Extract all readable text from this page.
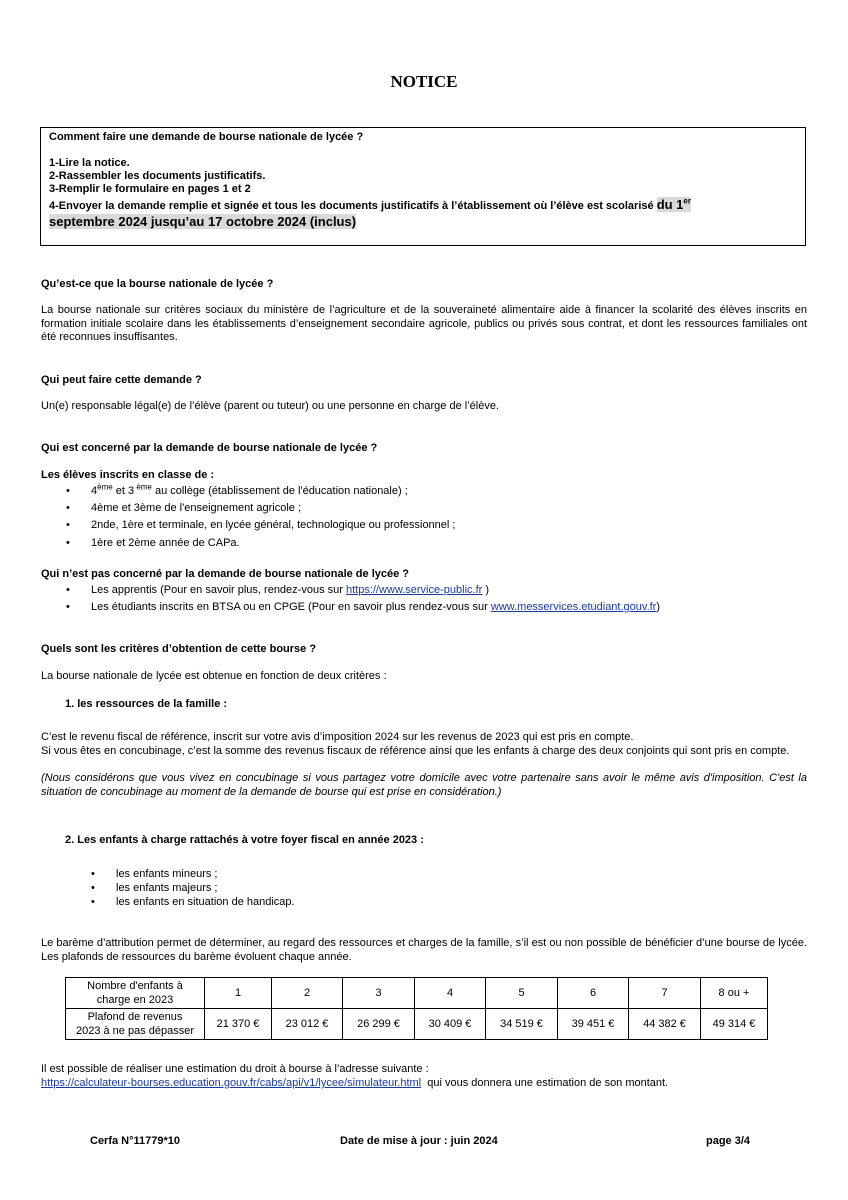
NOTICE
Comment faire une demande de bourse nationale de lycée ?
1-Lire la notice.
2-Rassembler les documents justificatifs.
3-Remplir le formulaire en pages 1 et 2
4-Envoyer la demande remplie et signée et tous les documents justificatifs à l’établissement où l’élève est scolarisé du 1er
septembre 2024 jusqu’au 17 octobre 2024 (inclus)
Qu’est-ce que la bourse nationale de lycée ?
La bourse nationale sur critères sociaux du ministère de l’agriculture et de la souveraineté alimentaire aide à financer la scolarité des élèves inscrits en formation initiale scolaire dans les établissements d’enseignement secondaire agricole, publics ou privés sous contrat, et dont les ressources familiales ont été reconnues insuffisantes.
Qui peut faire cette demande ?
Un(e) responsable légal(e) de l’élève (parent ou tuteur) ou une personne en charge de l’élève.
Qui est concerné par la demande de bourse nationale de lycée ?
Les élèves inscrits en classe de :
• 4ème et 3 $^{ème}$ au collège (établissement de l'éducation nationale) ;
• 4ème et 3ème de l'enseignement agricole ;
• 2nde, 1ère et terminale, en lycée général, technologique ou professionnel ;
• 1ère et 2ème année de CAPa.
Qui n’est pas concerné par la demande de bourse nationale de lycée ?
• Les apprentis (Pour en savoir plus, rendez-vous sur https://www.service-public.fr )
• Les étudiants inscrits en BTSA ou en CPGE (Pour en savoir plus rendez-vous sur www.messervices.etudiant.gouv.fr)
Quels sont les critères d’obtention de cette bourse ?
La bourse nationale de lycée est obtenue en fonction de deux critères :
1. les ressources de la famille :
C’est le revenu fiscal de référence, inscrit sur votre avis d’imposition 2024 sur les revenus de 2023 qui est pris en compte.
Si vous êtes en concubinage, c’est la somme des revenus fiscaux de référence ainsi que les enfants à charge des deux conjoints qui sont pris en compte.
(Nous considérons que vous vivez en concubinage si vous partagez votre domicile avec votre partenaire sans avoir le même avis d'imposition. C'est la situation de concubinage au moment de la demande de bourse qui est prise en considération.)
2. Les enfants à charge rattachés à votre foyer fiscal en année 2023 :
• les enfants mineurs ;
• les enfants majeurs ;
• les enfants en situation de handicap.
Le barème d’attribution permet de déterminer, au regard des ressources et charges de la famille, s’il est ou non possible de bénéficier d’une bourse de lycée. Les plafonds de ressources du barème évoluent chaque année.
Nombre d'enfants à
charge en 2023	1	2	3	4	5	6	7	8 ou +
Plafond de revenus
2023 à ne pas dépasser	21 370 €	23 012 €	26 299 €	30 409 €	34 519 €	39 451 €	44 382 €	49 314 €
Il est possible de réaliser une estimation du droit à bourse à l’adresse suivante :
https://calculateur-bourses.education.gouv.fr/cabs/api/v1/lycee/simulateur.html  qui vous donnera une estimation de son montant.
Cerfa N°11779*10	Date de mise à jour : juin 2024	page 3/4
